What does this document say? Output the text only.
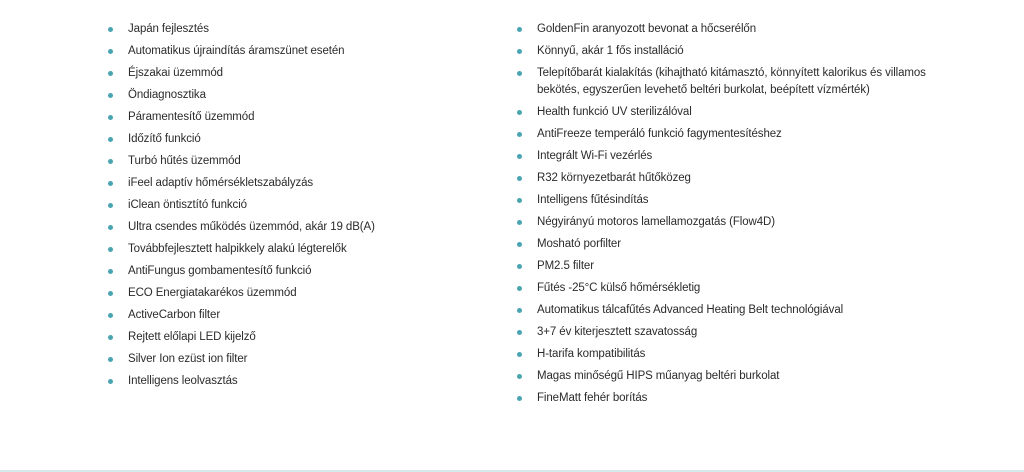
Japán fejlesztés
Automatikus újraindítás áramszünet esetén
Éjszakai üzemmód
Öndiagnosztika
Páramentesítő üzemmód
Időzítő funkció
Turbó hűtés üzemmód
iFeel adaptív hőmérsékletszabályzás
iClean öntisztító funkció
Ultra csendes működés üzemmód, akár 19 dB(A)
Továbbfejlesztett halpikkely alakú légterelők
AntiFungus gombamentesítő funkció
ECO Energiatakarékos üzemmód
ActiveCarbon filter
Rejtett előlapi LED kijelző
Silver Ion ezüst ion filter
Intelligens leolvasztás
GoldenFin aranyozott bevonat a hőcserélőn
Könnyű, akár 1 fős installáció
Telepítőbarát kialakítás (kihajtható kitámasztó, könnyített kalorikus és villamos bekötés, egyszerűen levehető beltéri burkolat, beépített vízmérték)
Health funkció UV sterilizálóval
AntiFreeze temperáló funkció fagymentesítéshez
Integrált Wi-Fi vezérlés
R32 környezetbarát hűtőközeg
Intelligens fűtésindítás
Négyirányú motoros lamellamozgatás (Flow4D)
Mosható porfilter
PM2.5 filter
Fűtés -25°C külső hőmérsékletig
Automatikus tálcafűtés Advanced Heating Belt technológiával
3+7 év kiterjesztett szavatosság
H-tarifa kompatibilitás
Magas minőségű HIPS műanyag beltéri burkolat
FineMatt fehér borítás
